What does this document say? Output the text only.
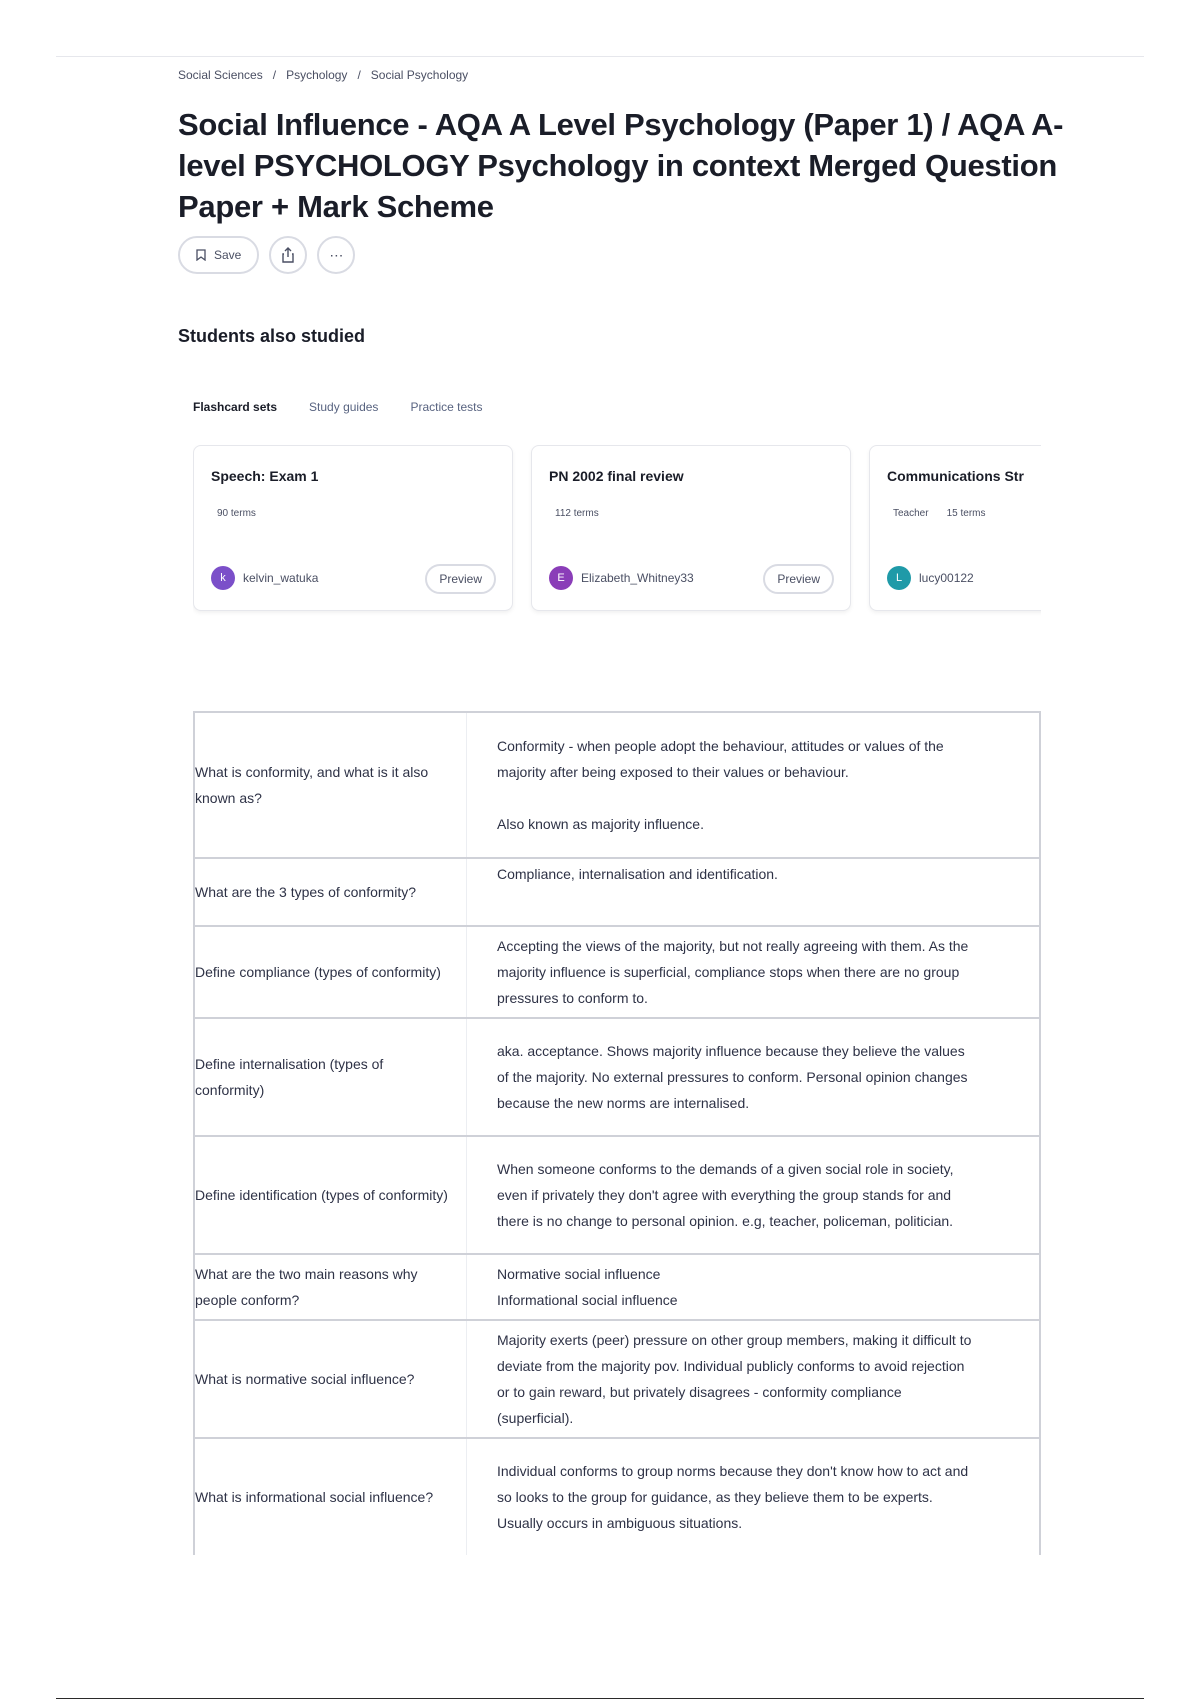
Social Sciences / Psychology / Social Psychology
Social Influence - AQA A Level Psychology (Paper 1) / AQA A-level PSYCHOLOGY Psychology in context Merged Question Paper + Mark Scheme
Save	⋯
Students also studied
Flashcard sets	Study guides	Practice tests
Speech: Exam 1
90 terms
k	kelvin_watuka	Preview
PN 2002 final review
112 terms
E	Elizabeth_Whitney33	Preview
Communications Str
Teacher 15 terms
L	lucy00122
What is conformity, and what is it also known as?	Conformity - when people adopt the behaviour, attitudes or values of the majority after being exposed to their values or behaviour.

Also known as majority influence.
What are the 3 types of conformity?	Compliance, internalisation and identification.
Define compliance (types of conformity)	Accepting the views of the majority, but not really agreeing with them. As the majority influence is superficial, compliance stops when there are no group pressures to conform to.
Define internalisation (types of conformity)	aka. acceptance. Shows majority influence because they believe the values of the majority. No external pressures to conform. Personal opinion changes because the new norms are internalised.
Define identification (types of conformity)	When someone conforms to the demands of a given social role in society, even if privately they don't agree with everything the group stands for and there is no change to personal opinion. e.g, teacher, policeman, politician.
What are the two main reasons why people conform?	Normative social influence
Informational social influence
What is normative social influence?	Majority exerts (peer) pressure on other group members, making it difficult to deviate from the majority pov. Individual publicly conforms to avoid rejection or to gain reward, but privately disagrees - conformity compliance (superficial).
What is informational social influence?	Individual conforms to group norms because they don't know how to act and so looks to the group for guidance, as they believe them to be experts. Usually occurs in ambiguous situations.
